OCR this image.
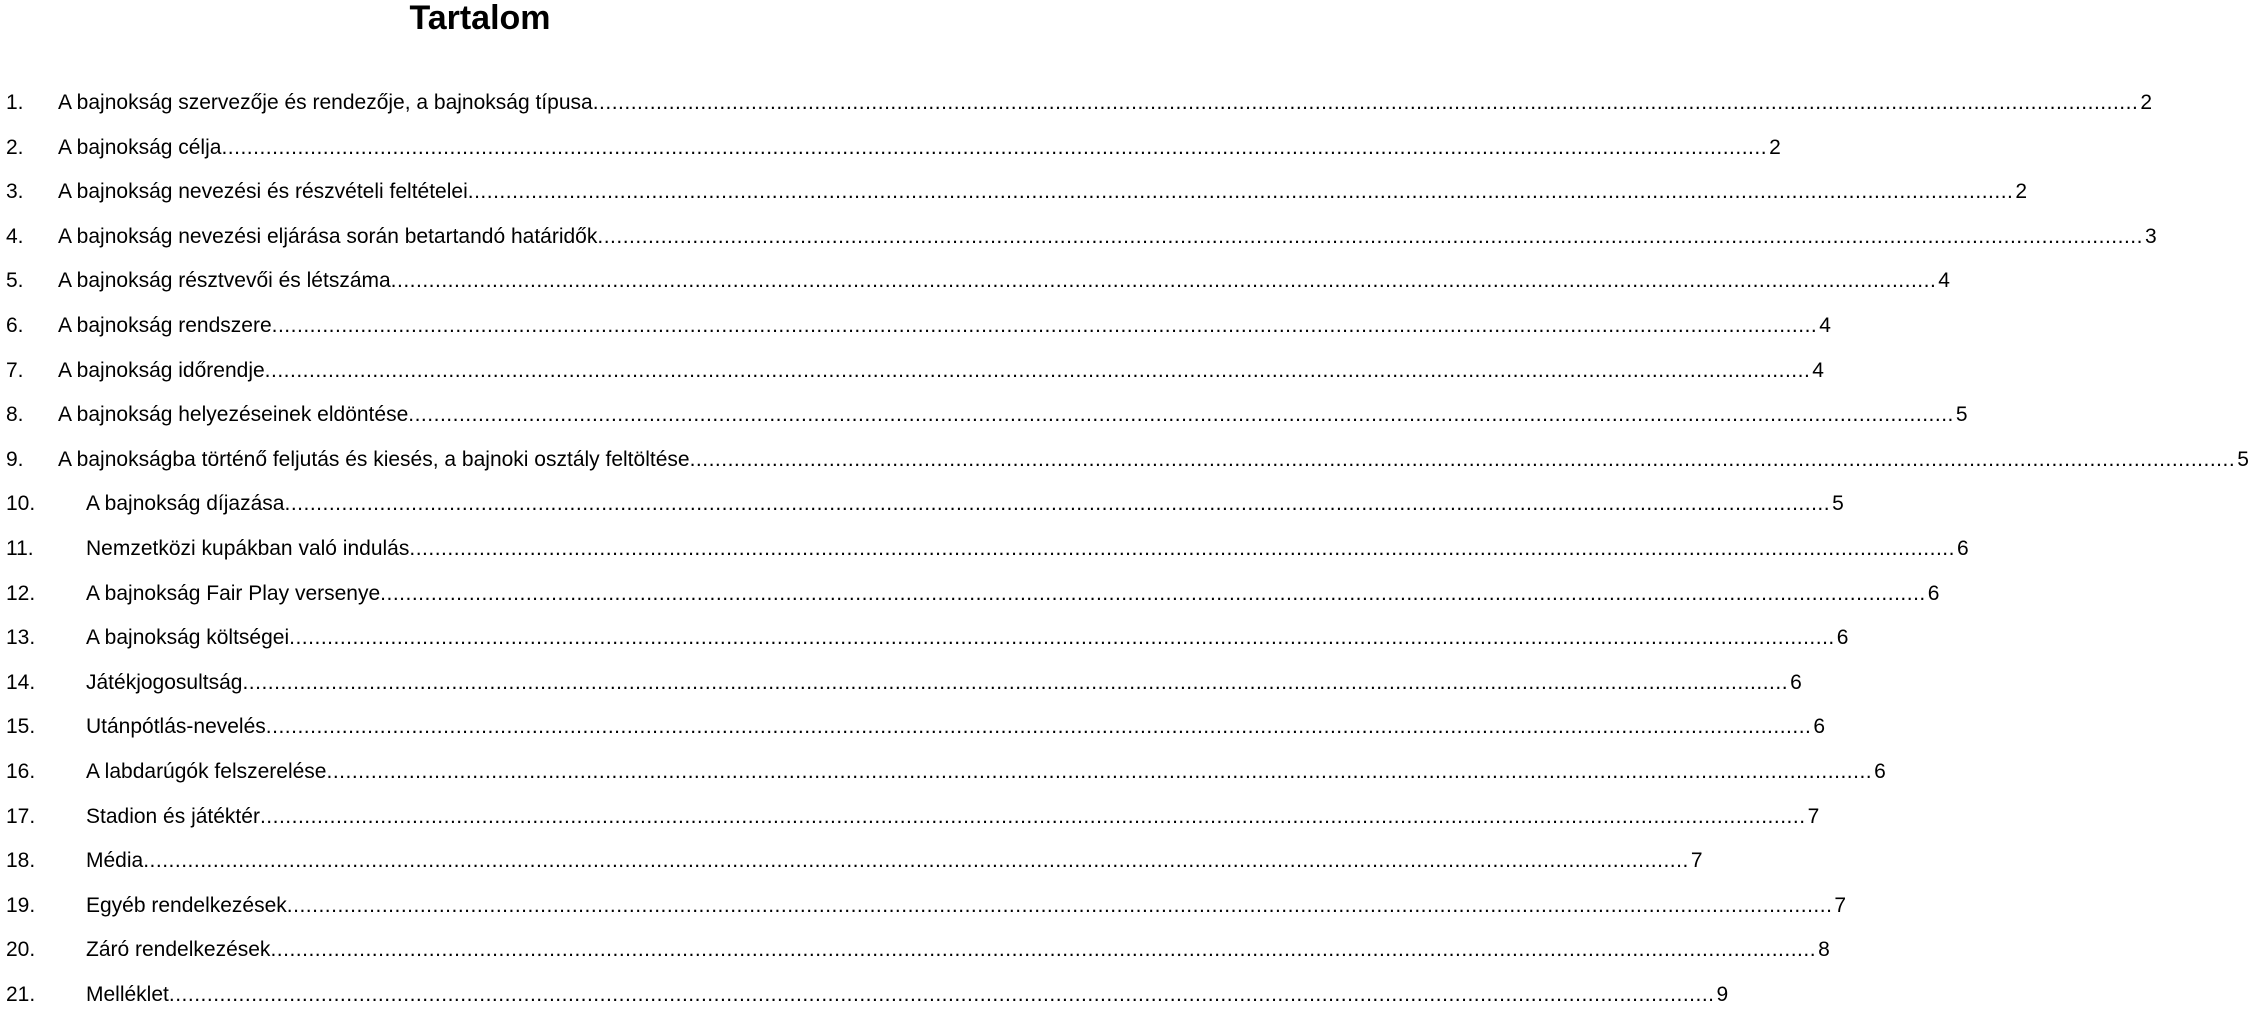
Tartalom
1.	A bajnokság szervezője és rendezője, a bajnokság típusa .....	2
2.	A bajnokság célja .....	2
3.	A bajnokság nevezési és részvételi feltételei .....	2
4.	A bajnokság nevezési eljárása során betartandó határidők .....	3
5.	A bajnokság résztvevői és létszáma .....	4
6.	A bajnokság rendszere .....	4
7.	A bajnokság időrendje .....	4
8.	A bajnokság helyezéseinek eldöntése .....	5
9.	A bajnokságba történő feljutás és kiesés, a bajnoki osztály feltöltése .....	5
10.	A bajnokság díjazása .....	5
11.	Nemzetközi kupákban való indulás .....	6
12.	A bajnokság Fair Play versenye .....	6
13.	A bajnokság költségei .....	6
14.	Játékjogosultság .....	6
15.	Utánpótlás-nevelés .....	6
16.	A labdarúgók felszerelése .....	6
17.	Stadion és játéktér .....	7
18.	Média .....	7
19.	Egyéb rendelkezések .....	7
20.	Záró rendelkezések .....	8
21.	Melléklet .....	9
